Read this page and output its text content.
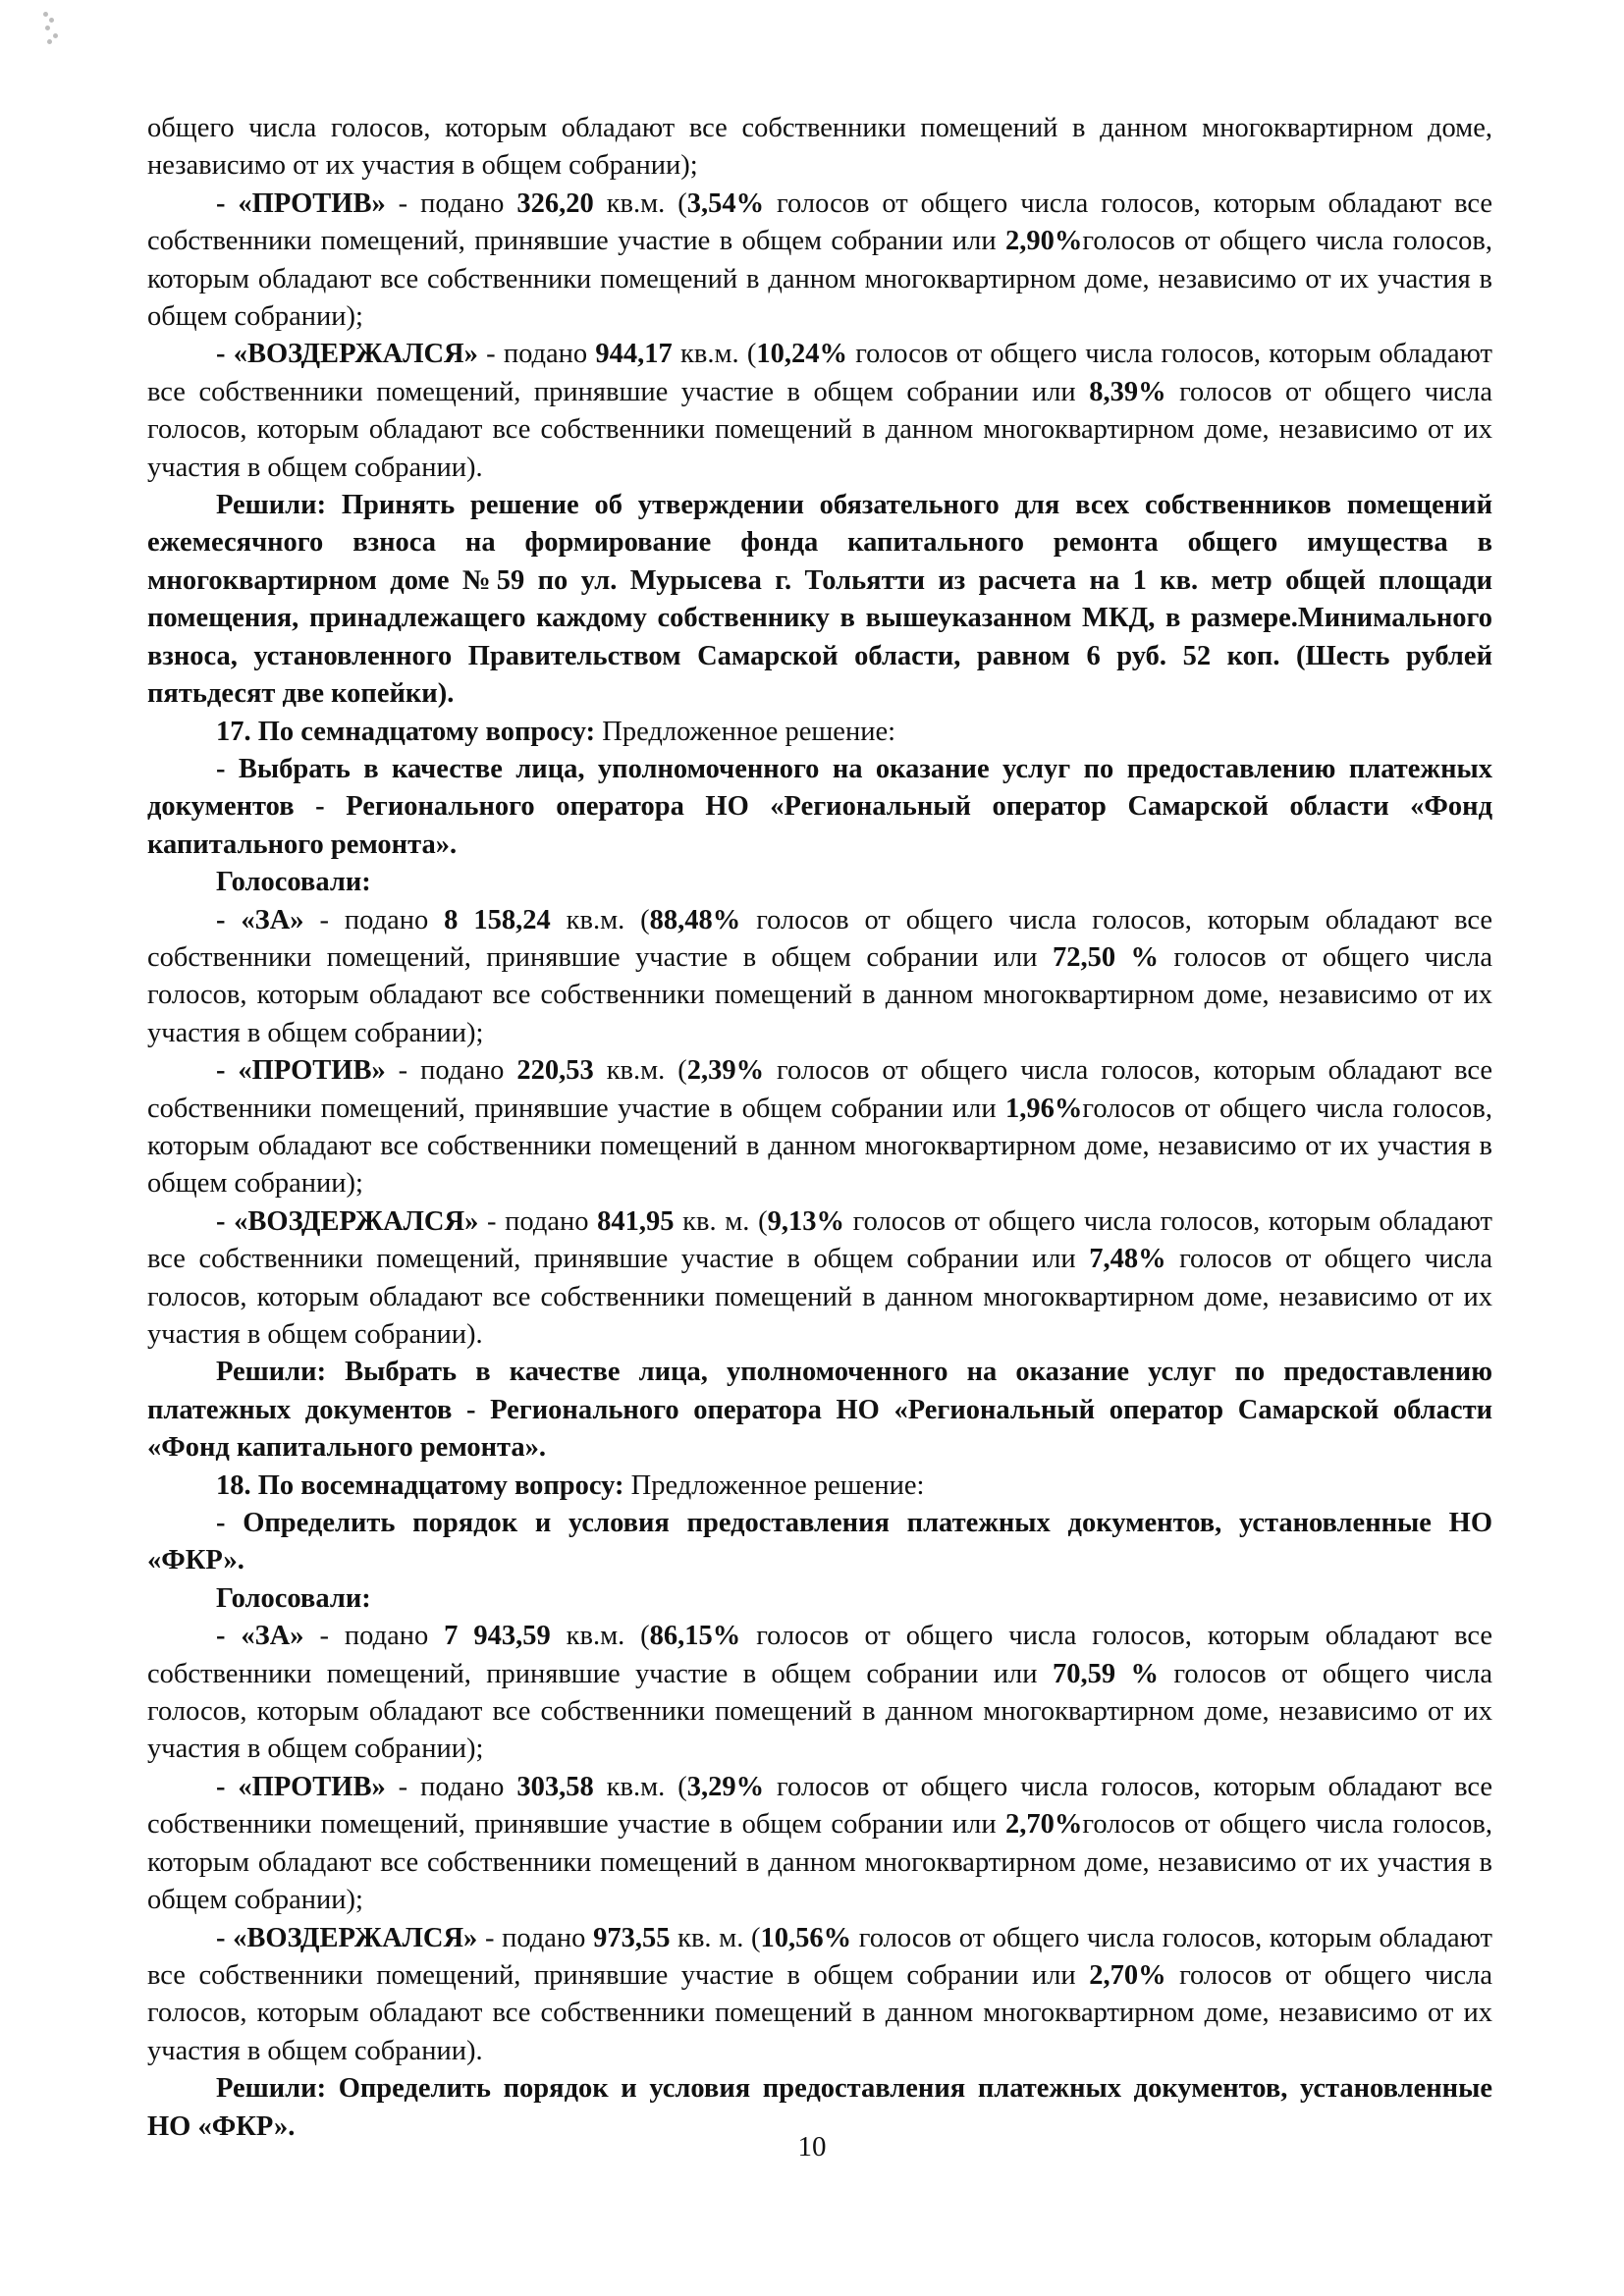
общего числа голосов, которым обладают все собственники помещений в данном многоквартирном доме, независимо от их участия в общем собрании);

- «ПРОТИВ» - подано 326,20 кв.м. (3,54% голосов от общего числа голосов, которым обладают все собственники помещений, принявшие участие в общем собрании или 2,90%голосов от общего числа голосов, которым обладают все собственники помещений в данном многоквартирном доме, независимо от их участия в общем собрании);

- «ВОЗДЕРЖАЛСЯ» - подано 944,17 кв.м. (10,24% голосов от общего числа голосов, которым обладают все собственники помещений, принявшие участие в общем собрании или 8,39% голосов от общего числа голосов, которым обладают все собственники помещений в данном многоквартирном доме, независимо от их участия в общем собрании).

Решили: Принять решение об утверждении обязательного для всех собственников помещений ежемесячного взноса на формирование фонда капитального ремонта общего имущества в многоквартирном доме №59 по ул. Мурысева г. Тольятти из расчета на 1 кв. метр общей площади помещения, принадлежащего каждому собственнику в вышеуказанном МКД, в размере.Минимального взноса, установленного Правительством Самарской области, равном 6 руб. 52 коп. (Шесть рублей пятьдесят две копейки).

17. По семнадцатому вопросу: Предложенное решение:

- Выбрать в качестве лица, уполномоченного на оказание услуг по предоставлению платежных документов - Регионального оператора НО «Региональный оператор Самарской области «Фонд капитального ремонта».

Голосовали:

- «ЗА» - подано 8 158,24 кв.м. (88,48% голосов от общего числа голосов, которым обладают все собственники помещений, принявшие участие в общем собрании или 72,50 % голосов от общего числа голосов, которым обладают все собственники помещений в данном многоквартирном доме, независимо от их участия в общем собрании);

- «ПРОТИВ» - подано 220,53 кв.м. (2,39% голосов от общего числа голосов, которым обладают все собственники помещений, принявшие участие в общем собрании или 1,96%голосов от общего числа голосов, которым обладают все собственники помещений в данном многоквартирном доме, независимо от их участия в общем собрании);

- «ВОЗДЕРЖАЛСЯ» - подано 841,95 кв. м. (9,13% голосов от общего числа голосов, которым обладают все собственники помещений, принявшие участие в общем собрании или 7,48% голосов от общего числа голосов, которым обладают все собственники помещений в данном многоквартирном доме, независимо от их участия в общем собрании).

Решили: Выбрать в качестве лица, уполномоченного на оказание услуг по предоставлению платежных документов - Регионального оператора НО «Региональный оператор Самарской области «Фонд капитального ремонта».

18. По восемнадцатому вопросу: Предложенное решение:

- Определить порядок и условия предоставления платежных документов, установленные НО «ФКР».

Голосовали:

- «ЗА» - подано 7 943,59 кв.м. (86,15% голосов от общего числа голосов, которым обладают все собственники помещений, принявшие участие в общем собрании или 70,59 % голосов от общего числа голосов, которым обладают все собственники помещений в данном многоквартирном доме, независимо от их участия в общем собрании);

- «ПРОТИВ» - подано 303,58 кв.м. (3,29% голосов от общего числа голосов, которым обладают все собственники помещений, принявшие участие в общем собрании или 2,70%голосов от общего числа голосов, которым обладают все собственники помещений в данном многоквартирном доме, независимо от их участия в общем собрании);

- «ВОЗДЕРЖАЛСЯ» - подано 973,55 кв. м. (10,56% голосов от общего числа голосов, которым обладают все собственники помещений, принявшие участие в общем собрании или 2,70% голосов от общего числа голосов, которым обладают все собственники помещений в данном многоквартирном доме, независимо от их участия в общем собрании).

Решили: Определить порядок и условия предоставления платежных документов, установленные НО «ФКР».

10
